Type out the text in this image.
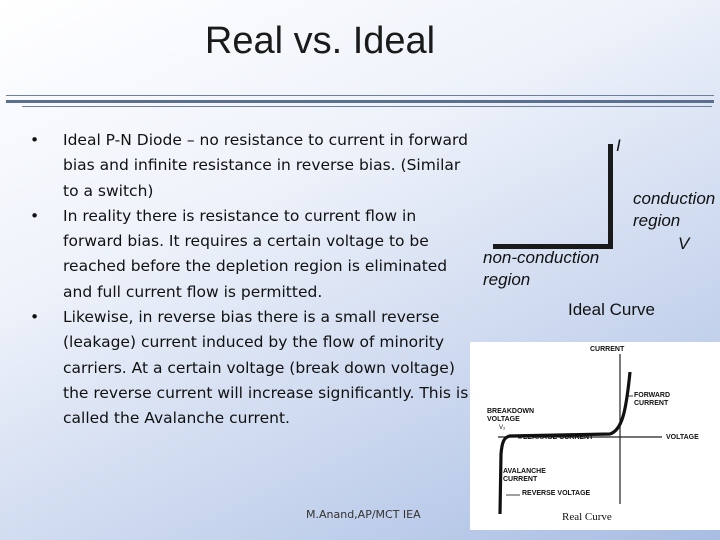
Real vs. Ideal
• Ideal P-N Diode – no resistance to current in forward bias and infinite resistance in reverse bias. (Similar to a switch)
• In reality there is resistance to current flow in forward bias. It requires a certain voltage to be reached before the depletion region is eliminated and full current flow is permitted.
• Likewise, in reverse bias there is a small reverse (leakage) current induced by the flow of minority carriers. At a certain voltage (break down voltage) the reverse current will increase significantly. This is called the Avalanche current.
M.Anand,AP/MCT IEA
I
conduction
region
V
non-conduction
region
Ideal Curve
CURRENT
FORWARD
CURRENT
BREAKDOWN
VOLTAGE
V₂
LEAKAGE CURRENT	VOLTAGE
AVALANCHE
CURRENT
REVERSE VOLTAGE
Real Curve
